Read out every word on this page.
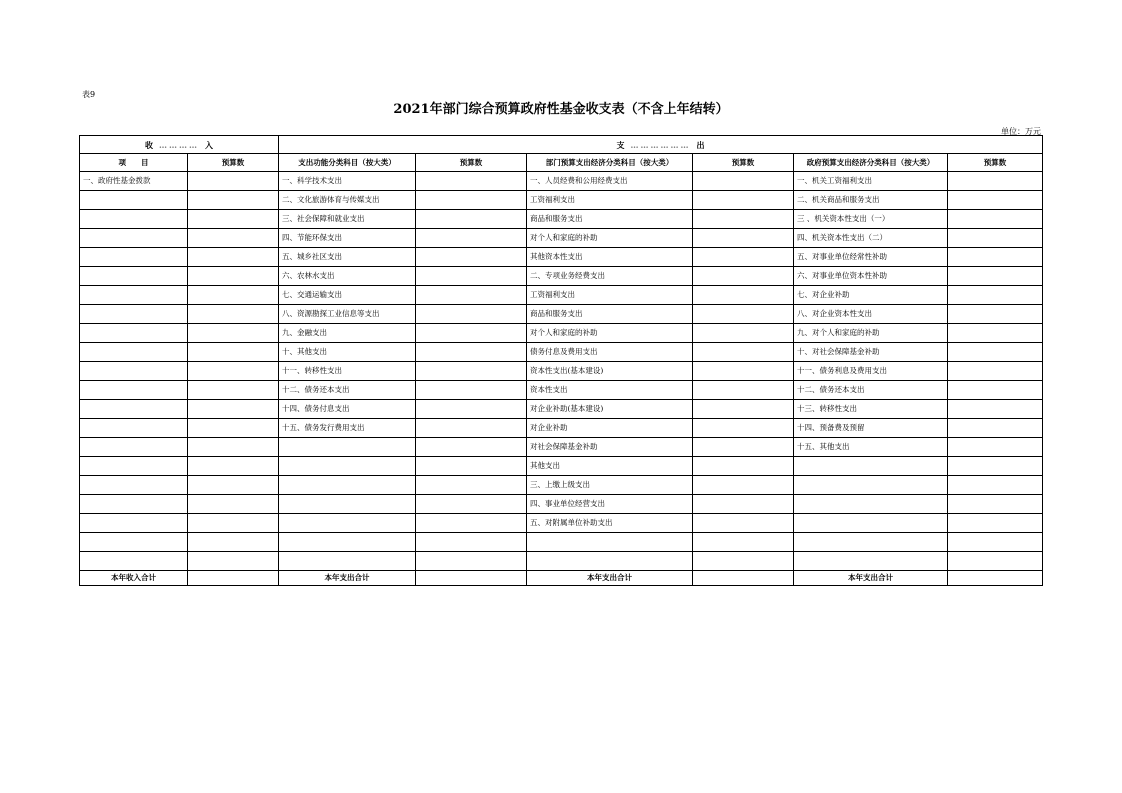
表9
2021年部门综合预算政府性基金收支表（不含上年结转）
单位：万元
收 ………… 入		支 ……………… 出					
项　　目	预算数	支出功能分类科目（按大类）	预算数	部门预算支出经济分类科目（按大类）	预算数	政府预算支出经济分类科目（按大类）	预算数
一、政府性基金拨款		一、科学技术支出		一、人员经费和公用经费支出		一、机关工资福利支出	
		二、文化旅游体育与传媒支出		工资福利支出		二、机关商品和服务支出	
		三、社会保障和就业支出		商品和服务支出		三 、机关资本性支出（一）	
		四、节能环保支出		对个人和家庭的补助		四、机关资本性支出（二）	
		五、城乡社区支出		其他资本性支出		五、对事业单位经常性补助	
		六、农林水支出		二、专项业务经费支出		六、对事业单位资本性补助	
		七、交通运输支出		工资福利支出		七、对企业补助	
		八、资源勘探工业信息等支出		商品和服务支出		八、对企业资本性支出	
		九、金融支出		对个人和家庭的补助		九、对个人和家庭的补助	
		十、其他支出		债务付息及费用支出		十、对社会保障基金补助	
		十一、转移性支出		资本性支出(基本建设)		十一、债务利息及费用支出	
		十二、债务还本支出		资本性支出		十二、债务还本支出	
		十四、债务付息支出		对企业补助(基本建设)		十三、转移性支出	
		十五、债务发行费用支出		对企业补助		十四、预备费及预留	
				对社会保障基金补助		十五、其他支出	
				其他支出			
				三、上缴上级支出			
				四、事业单位经营支出			
				五、对附属单位补助支出			

本年收入合计		本年支出合计		本年支出合计		本年支出合计	
